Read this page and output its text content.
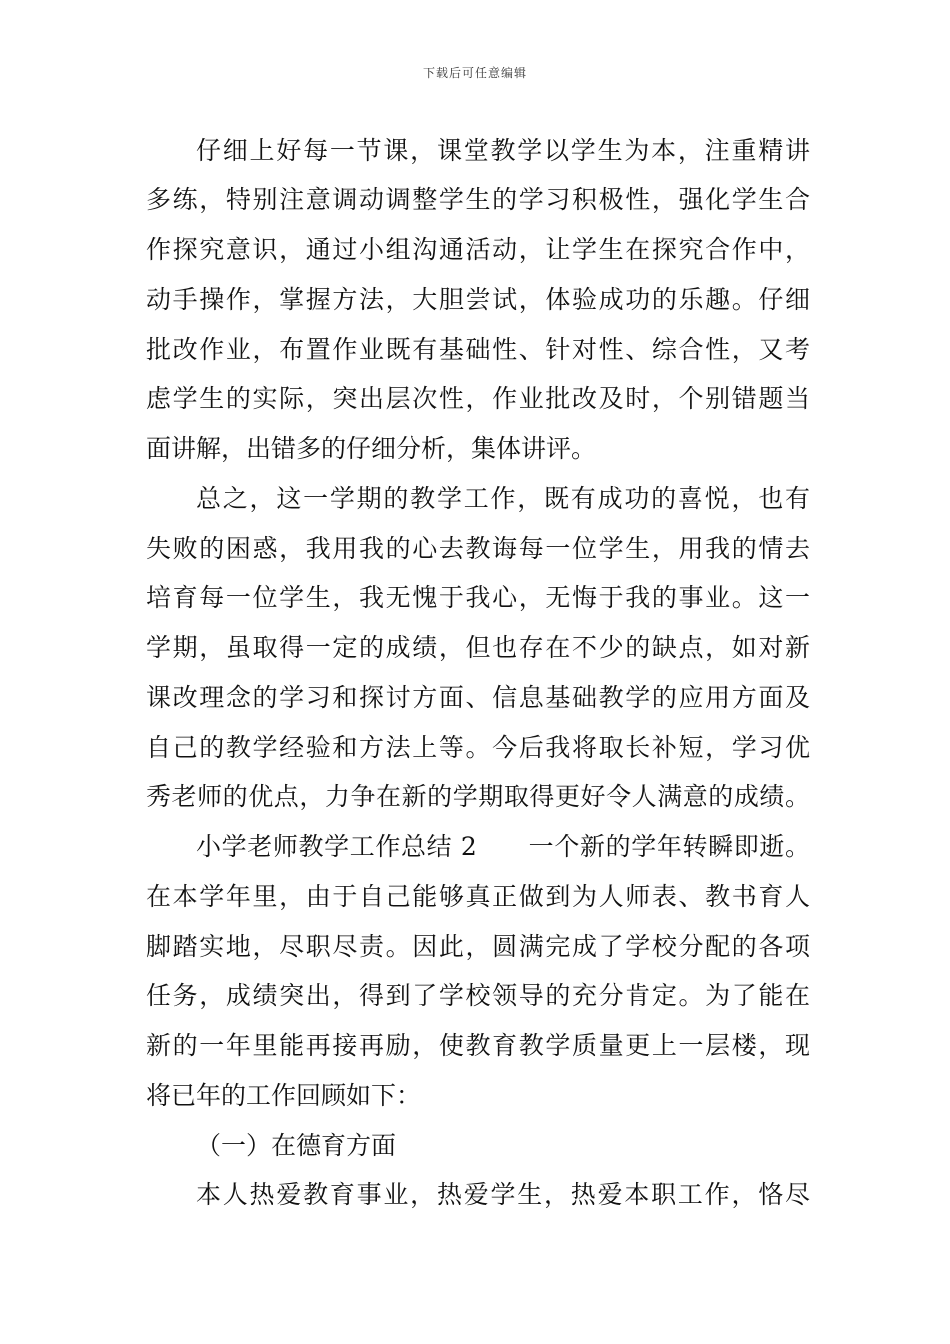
下载后可任意编辑
仔细上好每一节课，课堂教学以学生为本，注重精讲
多练，特别注意调动调整学生的学习积极性，强化学生合
作探究意识，通过小组沟通活动，让学生在探究合作中，
动手操作，掌握方法，大胆尝试，体验成功的乐趣。仔细
批改作业，布置作业既有基础性、针对性、综合性，又考
虑学生的实际，突出层次性，作业批改及时，个别错题当
面讲解，出错多的仔细分析，集体讲评。
总之，这一学期的教学工作，既有成功的喜悦，也有
失败的困惑，我用我的心去教诲每一位学生，用我的情去
培育每一位学生，我无愧于我心，无悔于我的事业。这一
学期，虽取得一定的成绩，但也存在不少的缺点，如对新
课改理念的学习和探讨方面、信息基础教学的应用方面及
自己的教学经验和方法上等。今后我将取长补短，学习优
秀老师的优点，力争在新的学期取得更好令人满意的成绩。
小学老师教学工作总结 2　　一个新的学年转瞬即逝。
在本学年里，由于自己能够真正做到为人师表、教书育人
脚踏实地，尽职尽责。因此，圆满完成了学校分配的各项
任务，成绩突出，得到了学校领导的充分肯定。为了能在
新的一年里能再接再励，使教育教学质量更上一层楼，现
将已年的工作回顾如下：
（一）在德育方面
本人热爱教育事业，热爱学生，热爱本职工作，恪尽
